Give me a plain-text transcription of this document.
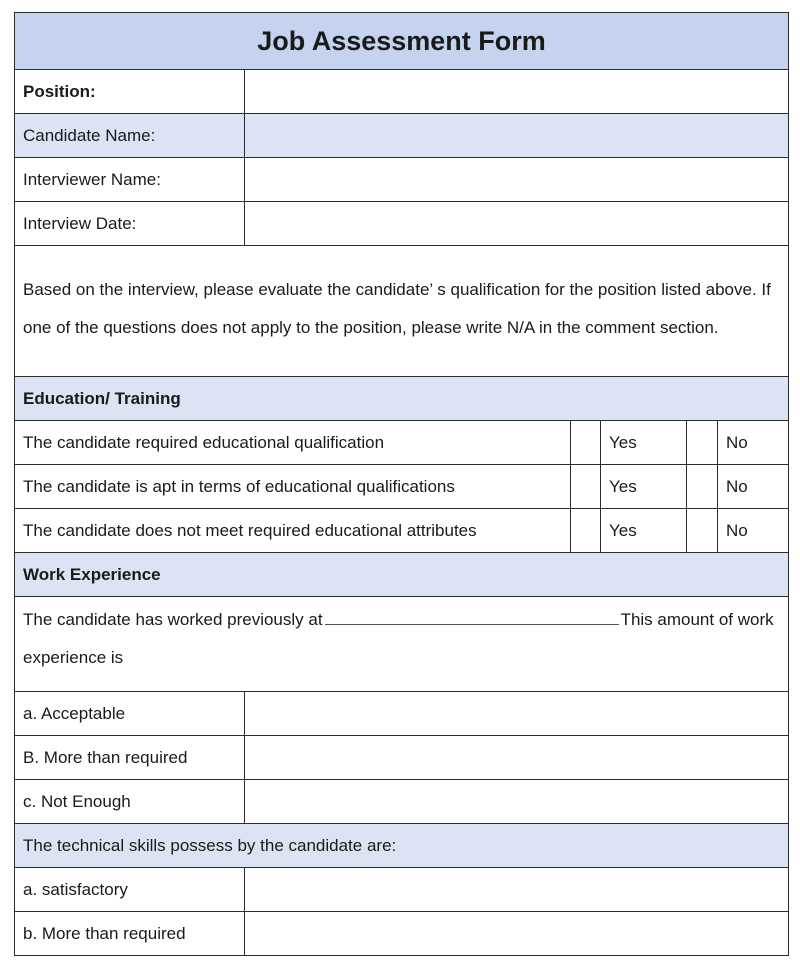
Job Assessment Form					
Position:					
Candidate Name:					
Interviewer Name:					
Interview Date:					
Based on the interview, please evaluate the candidate’ s qualification for the position listed above. If one of the questions does not apply to the position, please write N/A in the comment section.					
Education/ Training					
The candidate required educational qualification			Yes		No
The candidate is apt in terms of educational qualifications			Yes		No
The candidate does not meet required educational attributes			Yes		No
Work Experience					
The candidate has worked previously at This amount of work experience is					
a. Acceptable					
B. More than required					
c. Not Enough					
The technical skills possess by the candidate are:					
a. satisfactory					
b. More than required					
